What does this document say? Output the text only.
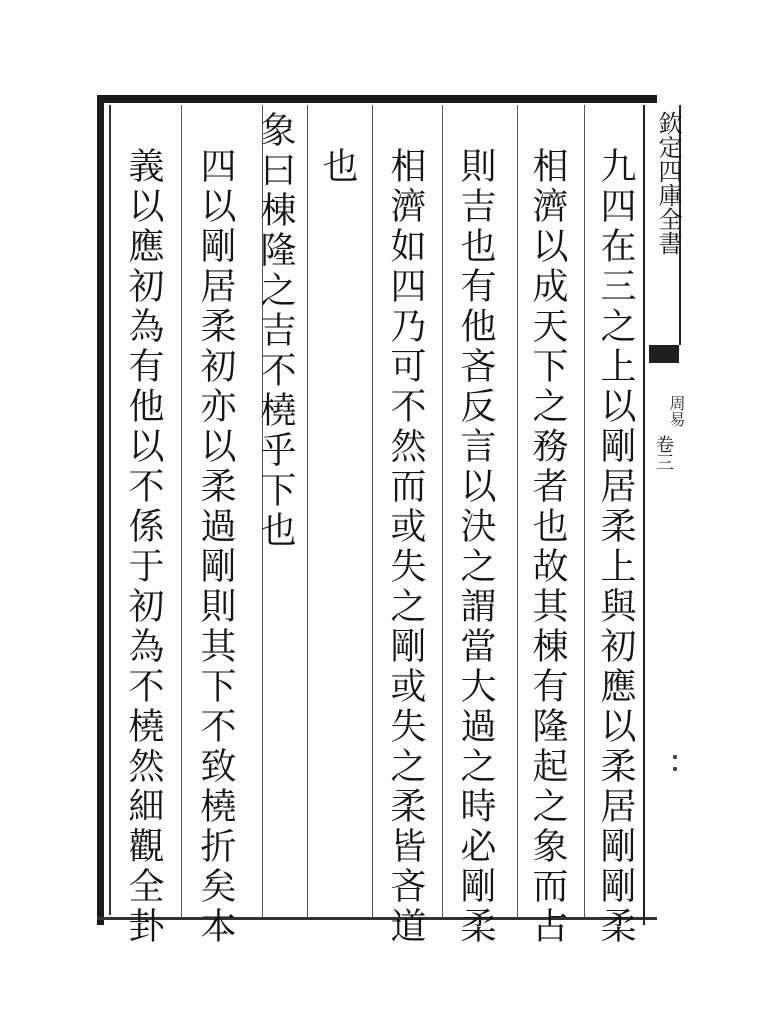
九四在三之上以剛居柔上與初應以柔居剛剛柔
相濟以成天下之務者也故其棟有隆起之象而占
則吉也有他吝反言以決之謂當大過之時必剛柔
相濟如四乃可不然而或失之剛或失之柔皆吝道
也
象曰棟隆之吉不橈乎下也
四以剛居柔初亦以柔過剛則其下不致橈折矣本
義以應初為有他以不係于初為不橈然細觀全卦	欽定四庫全書
周易
卷三
